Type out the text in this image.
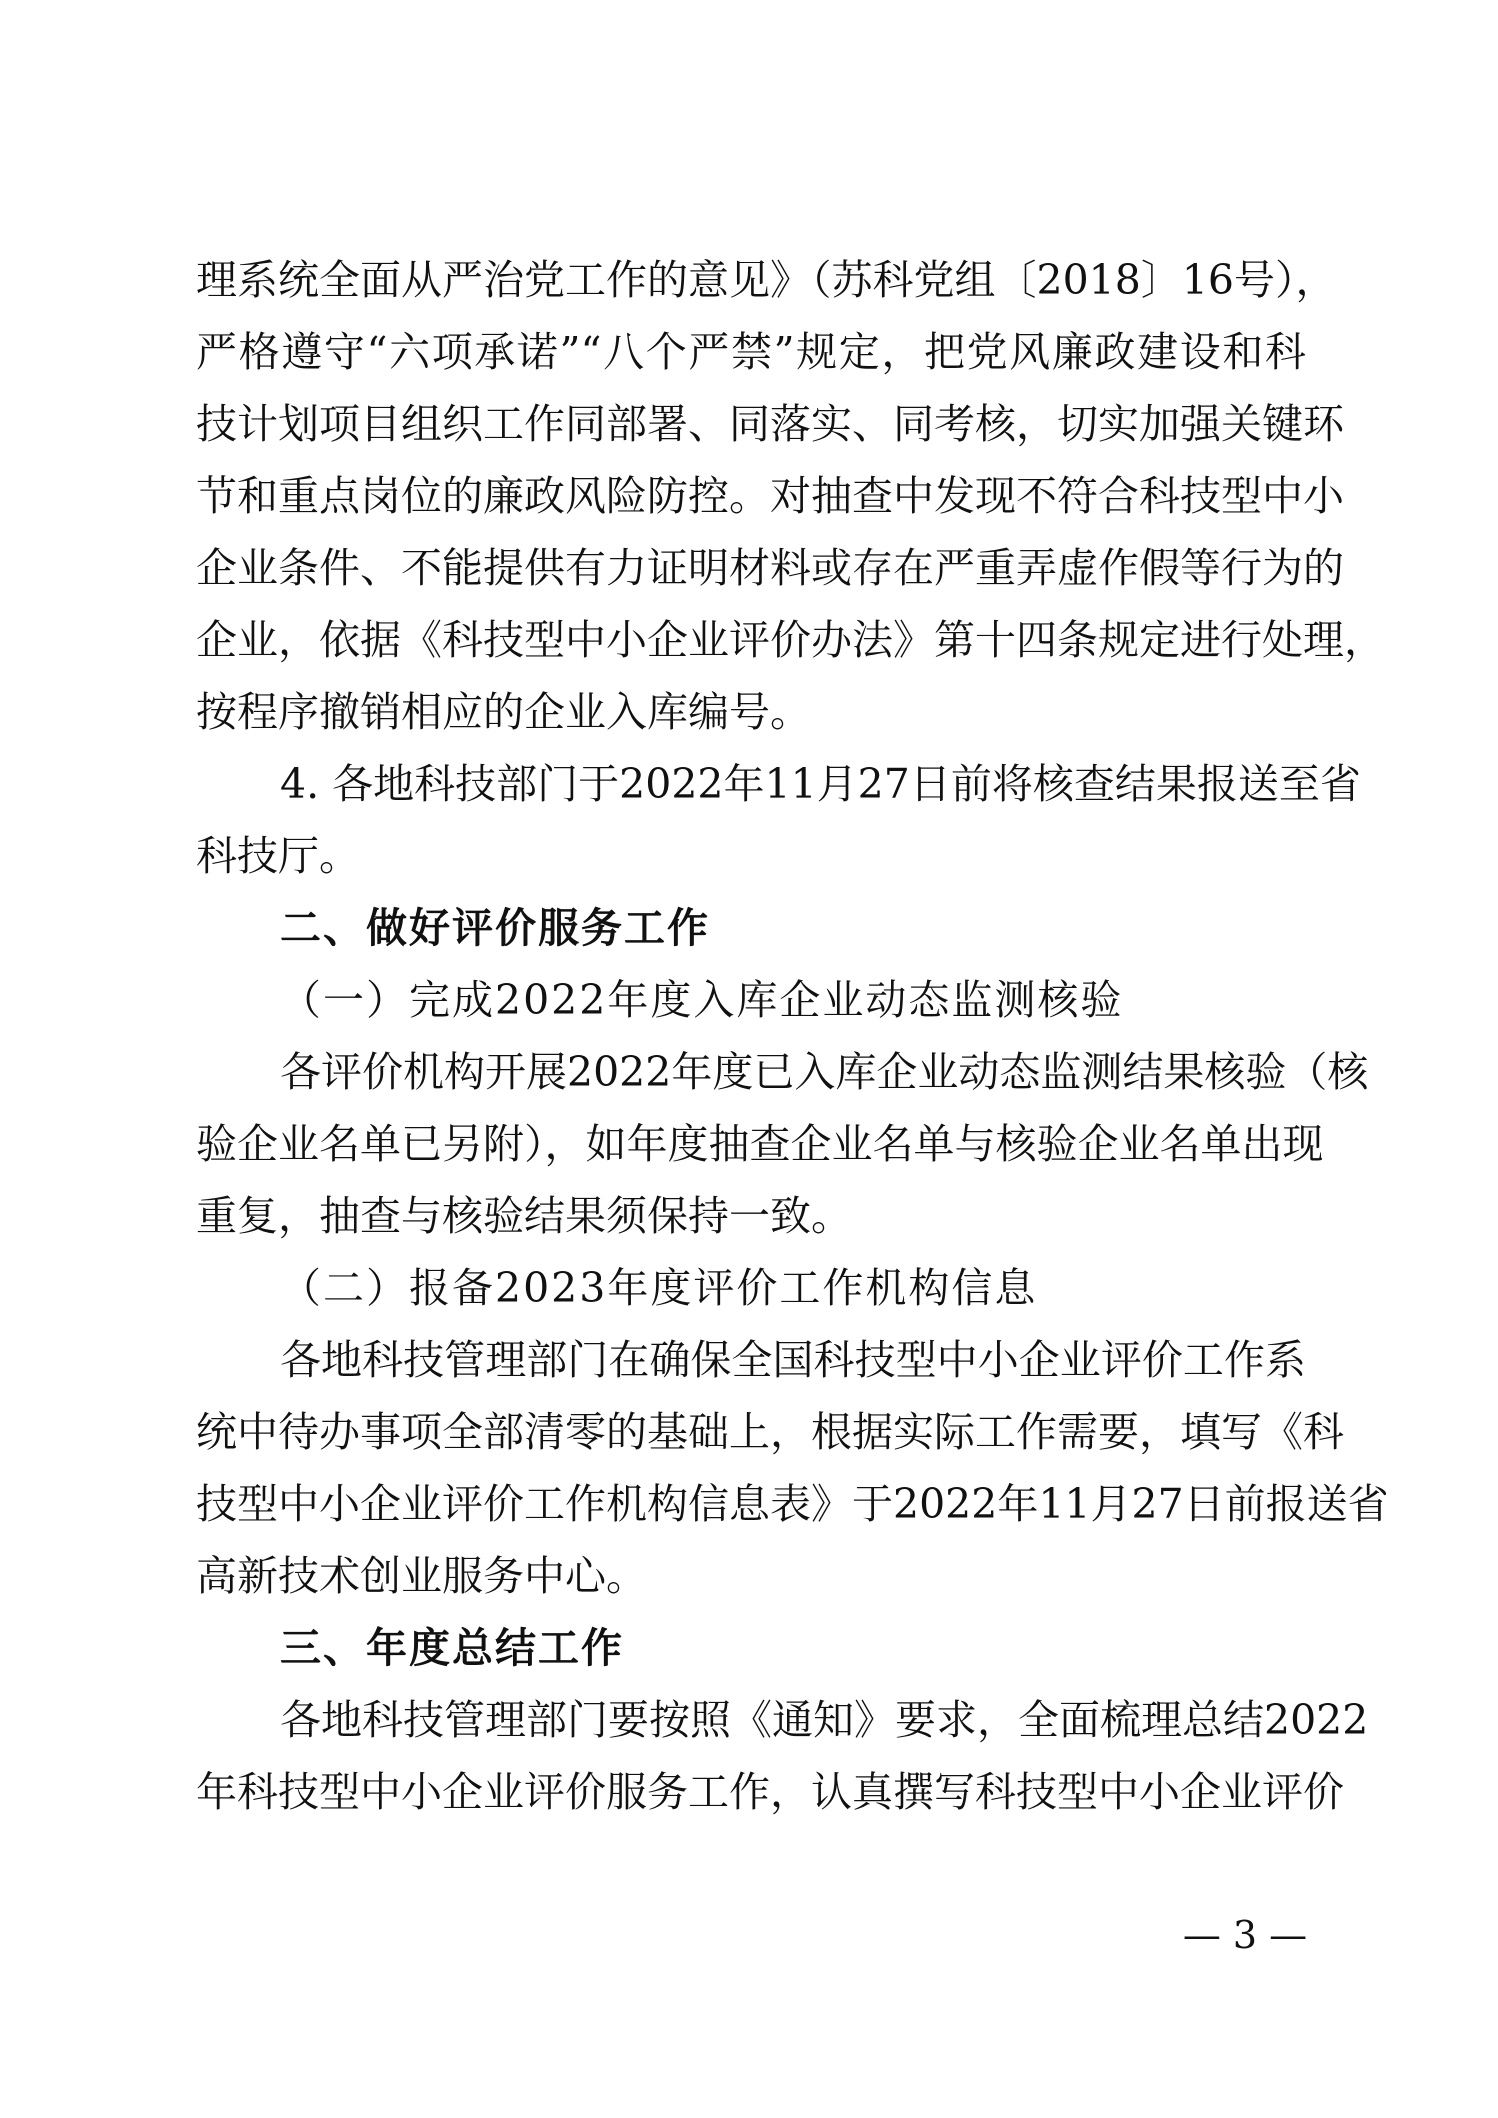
理系统全面从严治党工作的意见》（苏科党组〔2018〕16号），
严格遵守“六项承诺”“八个严禁”规定，把党风廉政建设和科
技计划项目组织工作同部署、同落实、同考核，切实加强关键环
节和重点岗位的廉政风险防控。对抽查中发现不符合科技型中小
企业条件、不能提供有力证明材料或存在严重弄虚作假等行为的
企业，依据《科技型中小企业评价办法》第十四条规定进行处理，
按程序撤销相应的企业入库编号。
4. 各地科技部门于2022年11月27日前将核查结果报送至省
科技厅。
二、做好评价服务工作
（一）完成2022年度入库企业动态监测核验
各评价机构开展2022年度已入库企业动态监测结果核验（核
验企业名单已另附），如年度抽查企业名单与核验企业名单出现
重复，抽查与核验结果须保持一致。
（二）报备2023年度评价工作机构信息
各地科技管理部门在确保全国科技型中小企业评价工作系
统中待办事项全部清零的基础上，根据实际工作需要，填写《科
技型中小企业评价工作机构信息表》于2022年11月27日前报送省
高新技术创业服务中心。
三、年度总结工作
各地科技管理部门要按照《通知》要求，全面梳理总结2022
年科技型中小企业评价服务工作，认真撰写科技型中小企业评价
— 3 —
